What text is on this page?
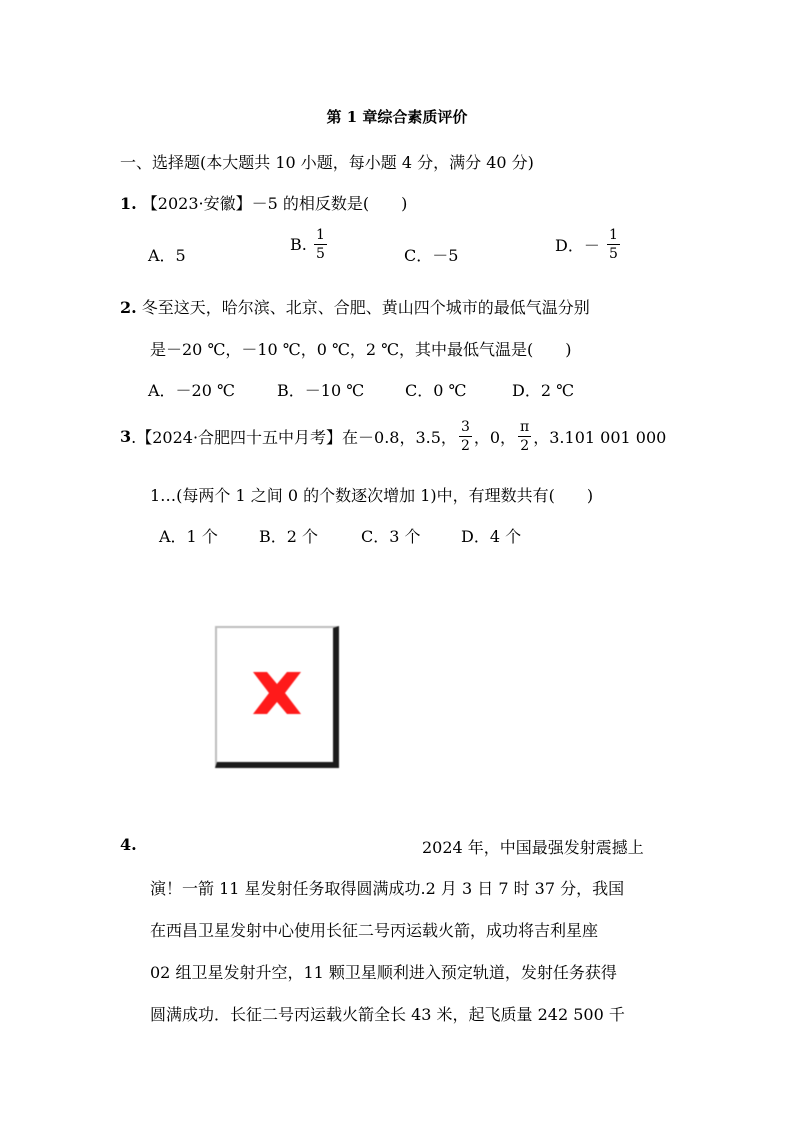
第 1 章综合素质评价
一、选择题(本大题共 10 小题，每小题 4 分，满分 40 分)
1. 【2023·安徽】－5 的相反数是(　　)
A．5
B. $\frac{1}{5}$	C．－5
D．－ $\frac{1}{5}$
2. 冬至这天，哈尔滨、北京、合肥、黄山四个城市的最低气温分别
是－20 ℃，－10 ℃，0 ℃，2 ℃，其中最低气温是(　　)
A．－20 ℃	B．－10 ℃	C．0 ℃	D．2 ℃
3.【2024·合肥四十五中月考】在－0.8，3.5， $\frac{3}{2}$ ，0， $\frac{\pi}{2}$ ，3.101 001 000
1…(每两个 1 之间 0 的个数逐次增加 1)中，有理数共有(　　)
A．1 个	B．2 个	C．3 个	D．4 个
4.	2024 年，中国最强发射震撼上
演！一箭 11 星发射任务取得圆满成功.2 月 3 日 7 时 37 分，我国
在西昌卫星发射中心使用长征二号丙运载火箭，成功将吉利星座
02 组卫星发射升空，11 颗卫星顺利进入预定轨道，发射任务获得
圆满成功．长征二号丙运载火箭全长 43 米，起飞质量 242 500 千
